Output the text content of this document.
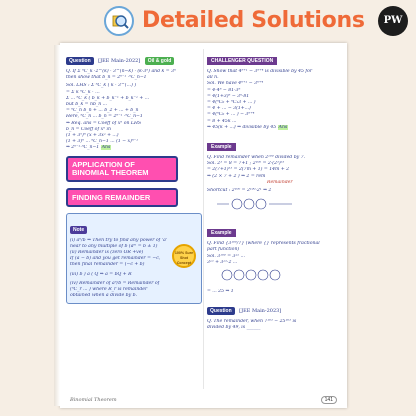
Detailed Solutions	PW
Question [JEE Main-2022] Oil & gold
Q. If Σ ⁿC_k ·2^(k) · 3^(n−k) · (k·3ⁿ) and k = 3ⁿ
then show that b_n = 2ⁿ⁻¹ ·ⁿC_n−1
Sol. LHS : Σ ⁿC_k ( k · 3^(…) )
= Σ k ⁿC_k · …
Σ ... ⁿC_k ( b_k + b_k⁻¹ + b_k⁻² + …
but b_k = nb_n ...
= ⁿC_n b_n + ... b_2 + ... + b_n
Here, ⁿC_n ... b_n = 2ⁿ⁻¹ ·ⁿC_n−1
⇒ Req. ans = Coeff of xⁿ on LHS
b_n = Coeff of xⁿ in
(1 + 3ˣ)ⁿ (x + 3x² + ...)
(1 + 3)ⁿ ... ⁿC_n−1 ... (1 − x)ⁿ⁻¹
⇒ 2ⁿ⁻¹·ⁿC_n−1 Ans
APPLICATION OF BINOMIAL THEOREM
FINDING REMAINDER
Note
(i) aⁿ/b ⇒ Then try to find any power of 'a'
near to any multiple of b (aᵐ = b ± 1)
(ii) Remainder is (zero OR +ve)
If (a − b) and you get remainder = −c,
then final remainder = (−c + b)
(iii) b ) a ( Q ⇒ a = bQ + R
(iv) Remainder of aⁿ/b = Remainder of
(ⁿC_r ... ) where R_r is remainder
obtained when a divide by b.
100% Sure Shot Concept
CHALLENGER QUESTION
Q. Show that 4ⁿ⁺¹ − 3ⁿ⁺⁴ is divisible by 45 for
all n.
Sol. We have 4ⁿ⁺¹ − 3ⁿ⁺⁴
= 4·4ⁿ − 81·3ⁿ
= 4(1+3)ⁿ − 3ⁿ·81
= 4(ⁿC₀ + ⁿC₁3 + ... )
= 4 + ... − 3(1+...)
= 4(ⁿC₀ + ... ) − 3ⁿ⁺⁴
= 8 + 45k ...
⇒ 45(k + ...) ⇒ divisible by 45 Ans
Example
Q. Find remainder when 2¹⁰⁰ divided by 7.
Sol. 2³ = 8 = 7+1 ; 2¹⁰⁰ = 2·(2³)³³
= 2(7+1)³³ = 2(7m + 1) = 14m + 2
⇒ (2 × 7 + 2 ) ⇒ 2 = rem
Remainder
Shortcut : 2¹⁰⁰ = 2¹⁰⁰·2¹ ⇒ 2
Example
Q. Find {3¹⁰⁰/7} (where {} represents fractional
part function)
Sol. 3¹⁰⁰ = 3²⁵ ...
3²⁵ + 3²⁵·2 ...
= ... 25 ⇒ 1
Question [JEE Main-2023]
Q. The remainder, when 7¹⁰³ − 25¹⁰³ is
divided by 49, is ______
Binomial Theorem	141
